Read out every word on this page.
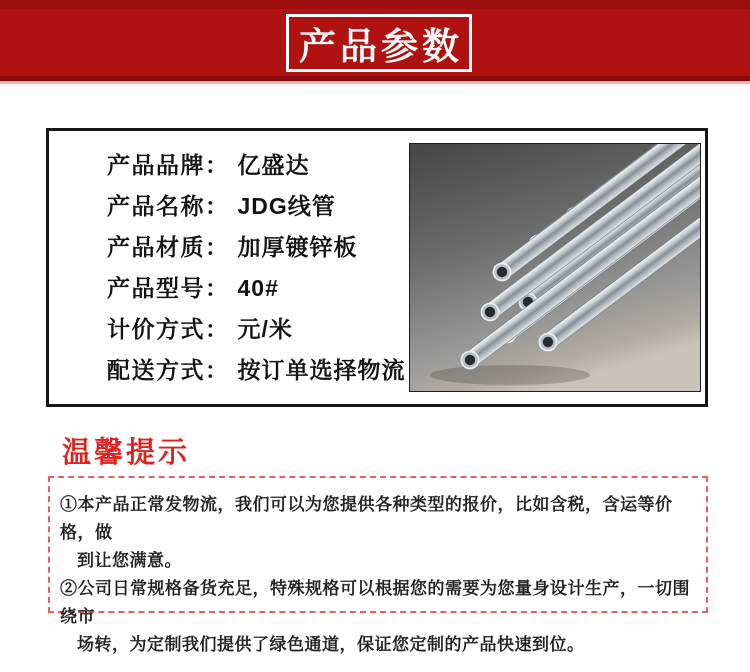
产品参数
产品品牌： 亿盛达
产品名称： JDG线管
产品材质： 加厚镀锌板
产品型号： 40#
计价方式： 元/米
配送方式： 按订单选择物流
温馨提示
①本产品正常发物流，我们可以为您提供各种类型的报价，比如含税，含运等价格，做
到让您满意。
②公司日常规格备货充足，特殊规格可以根据您的需要为您量身设计生产，一切围绕市
场转，为定制我们提供了绿色通道，保证您定制的产品快速到位。
